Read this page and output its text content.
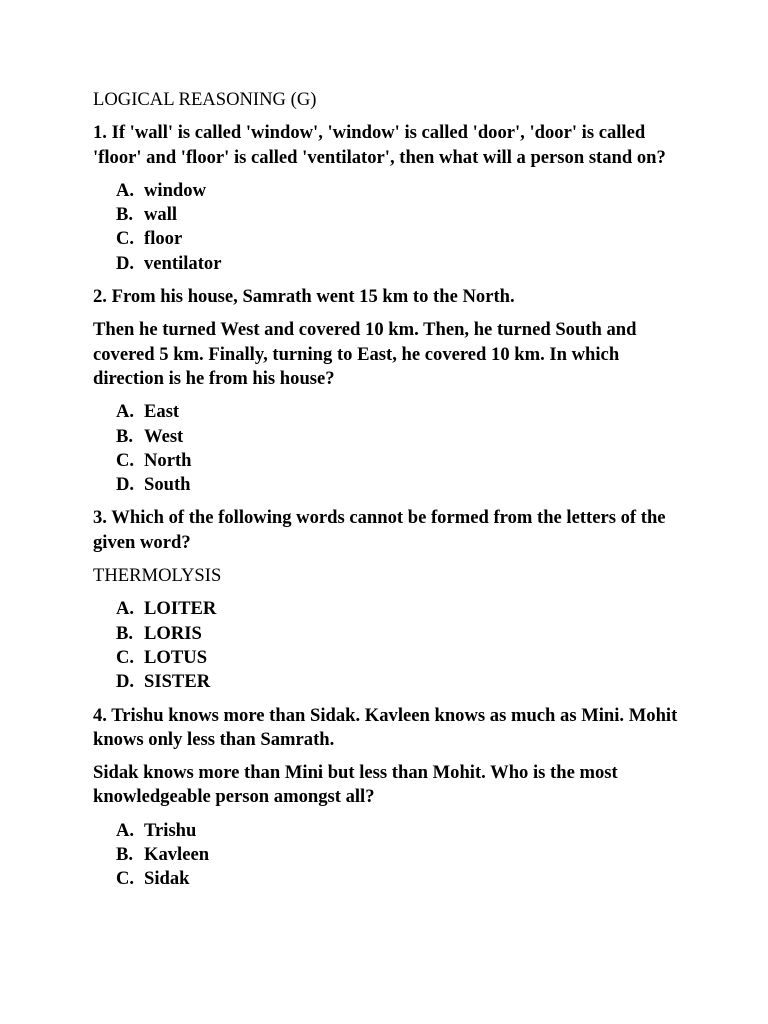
LOGICAL REASONING (G)

1. If 'wall' is called 'window', 'window' is called 'door', 'door' is called 'floor' and 'floor' is called 'ventilator', then what will a person stand on?

A. window
B. wall
C. floor
D. ventilator

2. From his house, Samrath went 15 km to the North.

Then he turned West and covered 10 km. Then, he turned South and covered 5 km. Finally, turning to East, he covered 10 km. In which direction is he from his house?

A. East
B. West
C. North
D. South

3. Which of the following words cannot be formed from the letters of the given word?

THERMOLYSIS

A. LOITER
B. LORIS
C. LOTUS
D. SISTER

4. Trishu knows more than Sidak. Kavleen knows as much as Mini. Mohit knows only less than Samrath.

Sidak knows more than Mini but less than Mohit. Who is the most knowledgeable person amongst all?

A. Trishu
B. Kavleen
C. Sidak
